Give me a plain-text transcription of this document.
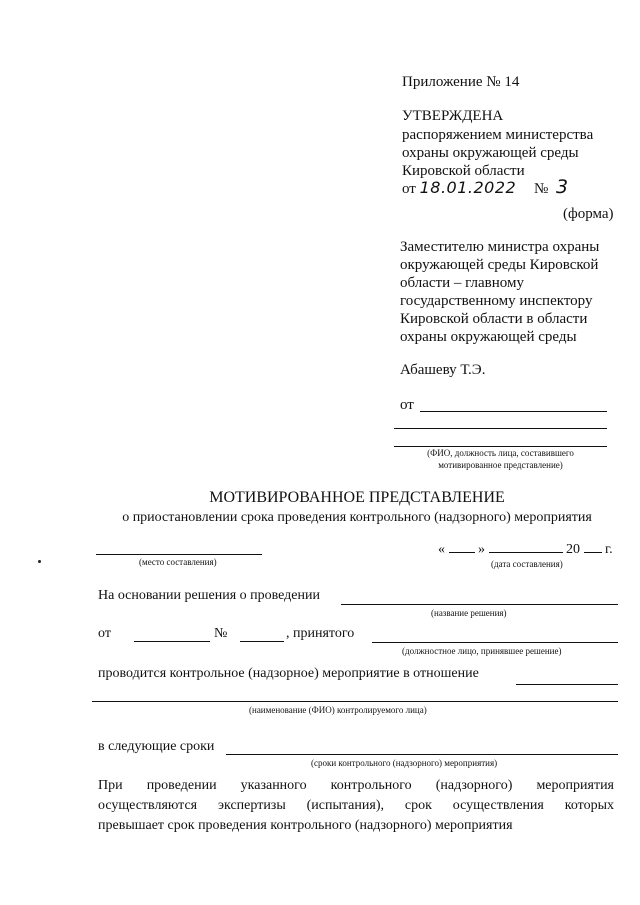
Приложение № 14
УТВЕРЖДЕНА
распоряжением министерства
охраны окружающей среды
Кировской области
от 18.01.2022 № 3
(форма)
Заместителю министра охраны
окружающей среды Кировской
области – главному
государственному инспектору
Кировской области в области
охраны окружающей среды
Абашеву Т.Э.
от
(ФИО, должность лица, составившего
мотивированное представление)
МОТИВИРОВАННОЕ ПРЕДСТАВЛЕНИЕ
о приостановлении срока проведения контрольного (надзорного) мероприятия
(место составления)
« »	20 г.
(дата составления)
На основании решения о проведении
(название решения)
от	№	, принятого
(должностное лицо, принявшее решение)
проводится контрольное (надзорное) мероприятие в отношение
(наименование (ФИО) контролируемого лица)
в следующие сроки
(сроки контрольного (надзорного) мероприятия)
При проведении указанного контрольного (надзорного) мероприятия
осуществляются экспертизы (испытания), срок осуществления которых
превышает срок проведения контрольного (надзорного) мероприятия
